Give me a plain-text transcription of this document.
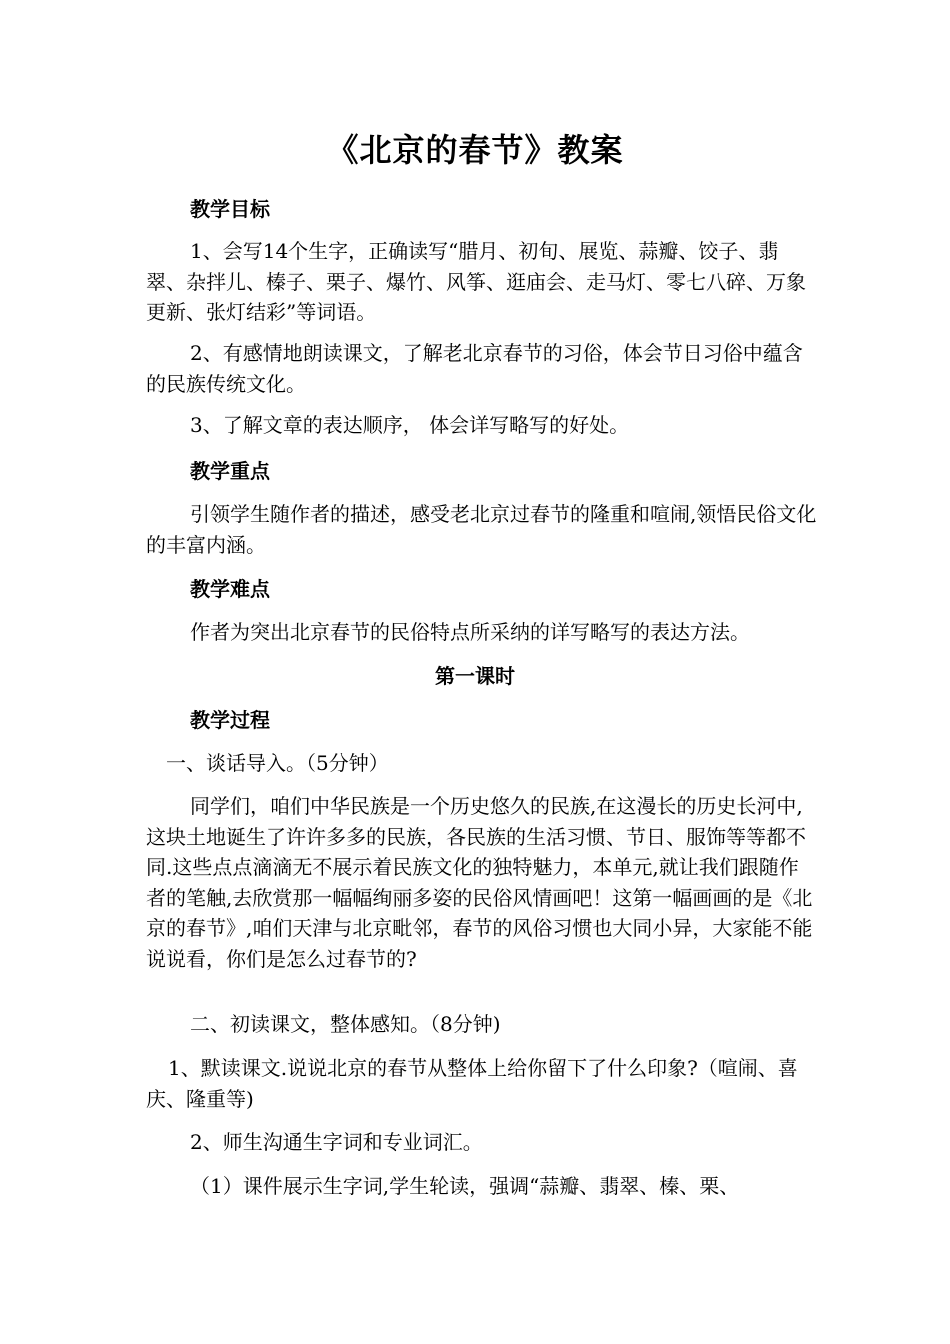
《北京的春节》教案
教学目标
1、会写14个生字，正确读写“腊月、初旬、展览、蒜瓣、饺子、翡翠、杂拌儿、榛子、栗子、爆竹、风筝、逛庙会、走马灯、零七八碎、万象更新、张灯结彩”等词语。
2、有感情地朗读课文，了解老北京春节的习俗，体会节日习俗中蕴含的民族传统文化。
3、了解文章的表达顺序， 体会详写略写的好处。
教学重点
引领学生随作者的描述，感受老北京过春节的隆重和喧闹,领悟民俗文化的丰富内涵。
教学难点
作者为突出北京春节的民俗特点所采纳的详写略写的表达方法。
第一课时
教学过程
一、谈话导入。（5分钟）
同学们，咱们中华民族是一个历史悠久的民族,在这漫长的历史长河中,这块土地诞生了许许多多的民族，各民族的生活习惯、节日、服饰等等都不同.这些点点滴滴无不展示着民族文化的独特魅力，本单元,就让我们跟随作者的笔触,去欣赏那一幅幅绚丽多姿的民俗风情画吧！这第一幅画画的是《北京的春节》,咱们天津与北京毗邻，春节的风俗习惯也大同小异，大家能不能说说看，你们是怎么过春节的?
二、初读课文，整体感知。（8分钟)
1、默读课文.说说北京的春节从整体上给你留下了什么印象?（喧闹、喜庆、隆重等)
2、师生沟通生字词和专业词汇。
（1）课件展示生字词,学生轮读，强调“蒜瓣、翡翠、榛、栗、
